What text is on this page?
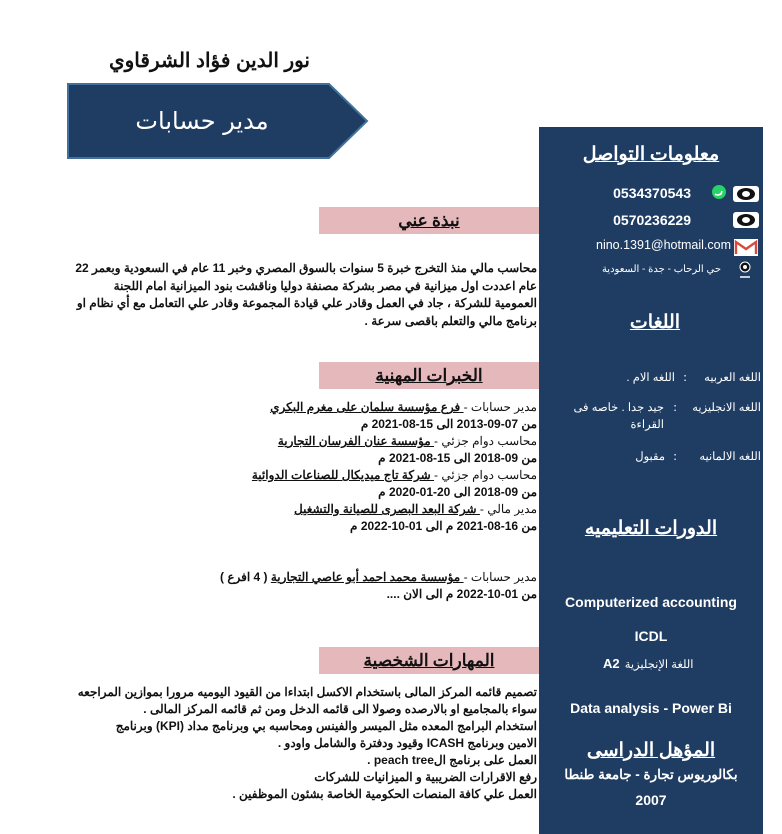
نور الدين فؤاد الشرقاوي
مدير حسابات
معلومات التواصل
0534370543
0570236229
nino.1391@hotmail.com
حي الرحاب - جدة - السعودية
اللغات
اللغه العربيه
:
اللغه الام .
اللغه الانجليزيه
:
جيد جدا . خاصه فى القراءة
اللغه الالمانيه
:
مقبول
الدورات التعليميه
Computerized accounting
ICDL
A2 اللغة الإنجليزية
Data analysis - Power Bi
المؤهل الدراسى
بكالوريوس تجارة - جامعة طنطا
2007
نبذة عني
محاسب مالي منذ التخرج خبرة 5 سنوات بالسوق المصري وخبر 11 عام في السعودية وبعمر 22 عام اعددت اول ميزانية في مصر بشركة مصنفة دوليا وناقشت بنود الميزانية امام اللجنة العمومية للشركة ، جاد في العمل وقادر علي قيادة المجموعة وقادر علي التعامل مع أي نظام او برنامج مالي والتعلم باقصى سرعة .
الخبرات المهنية
مدير حسابات - فرع مؤسسة سلمان على مغرم البكري
من 07-09-2013 الى 15-08-2021 م
محاسب دوام جزئي - مؤسسة عنان الفرسان التجارية
من 09-2018 الى 15-08-2021 م
محاسب دوام جزئي - شركة تاج ميديكال للصناعات الدوائية
من 09-2018 الى 20-01-2020 م
مدير مالي - شركة البعد البصرى للصيانة والتشغيل
من 16-08-2021 م الى 01-10-2022 م
مدير حسابات - مؤسسة محمد احمد أبو عاصي التجارية ( 4 افرع )
من 01-10-2022 م الى الان ....
المهارات الشخصية
تصميم قائمه المركز المالى باستخدام الاكسل ابتداءا من القيود اليوميه مرورا بموازين المراجعه
سواء بالمجاميع او بالارصده وصولا الى قائمه الدخل ومن ثم قائمه المركز المالى .
استخدام البرامج المعده مثل الميسر والفينس ومحاسبه بي وبرنامج مداد (KPI) وبرنامج
الامين وبرنامج ICASH وقيود ودفترة والشامل واودو .
العمل على برنامج الpeach tree .
رفع الاقرارات الضريبية و الميزانيات للشركات
العمل علي كافة المنصات الحكومية الخاصة بشئون الموظفين .
